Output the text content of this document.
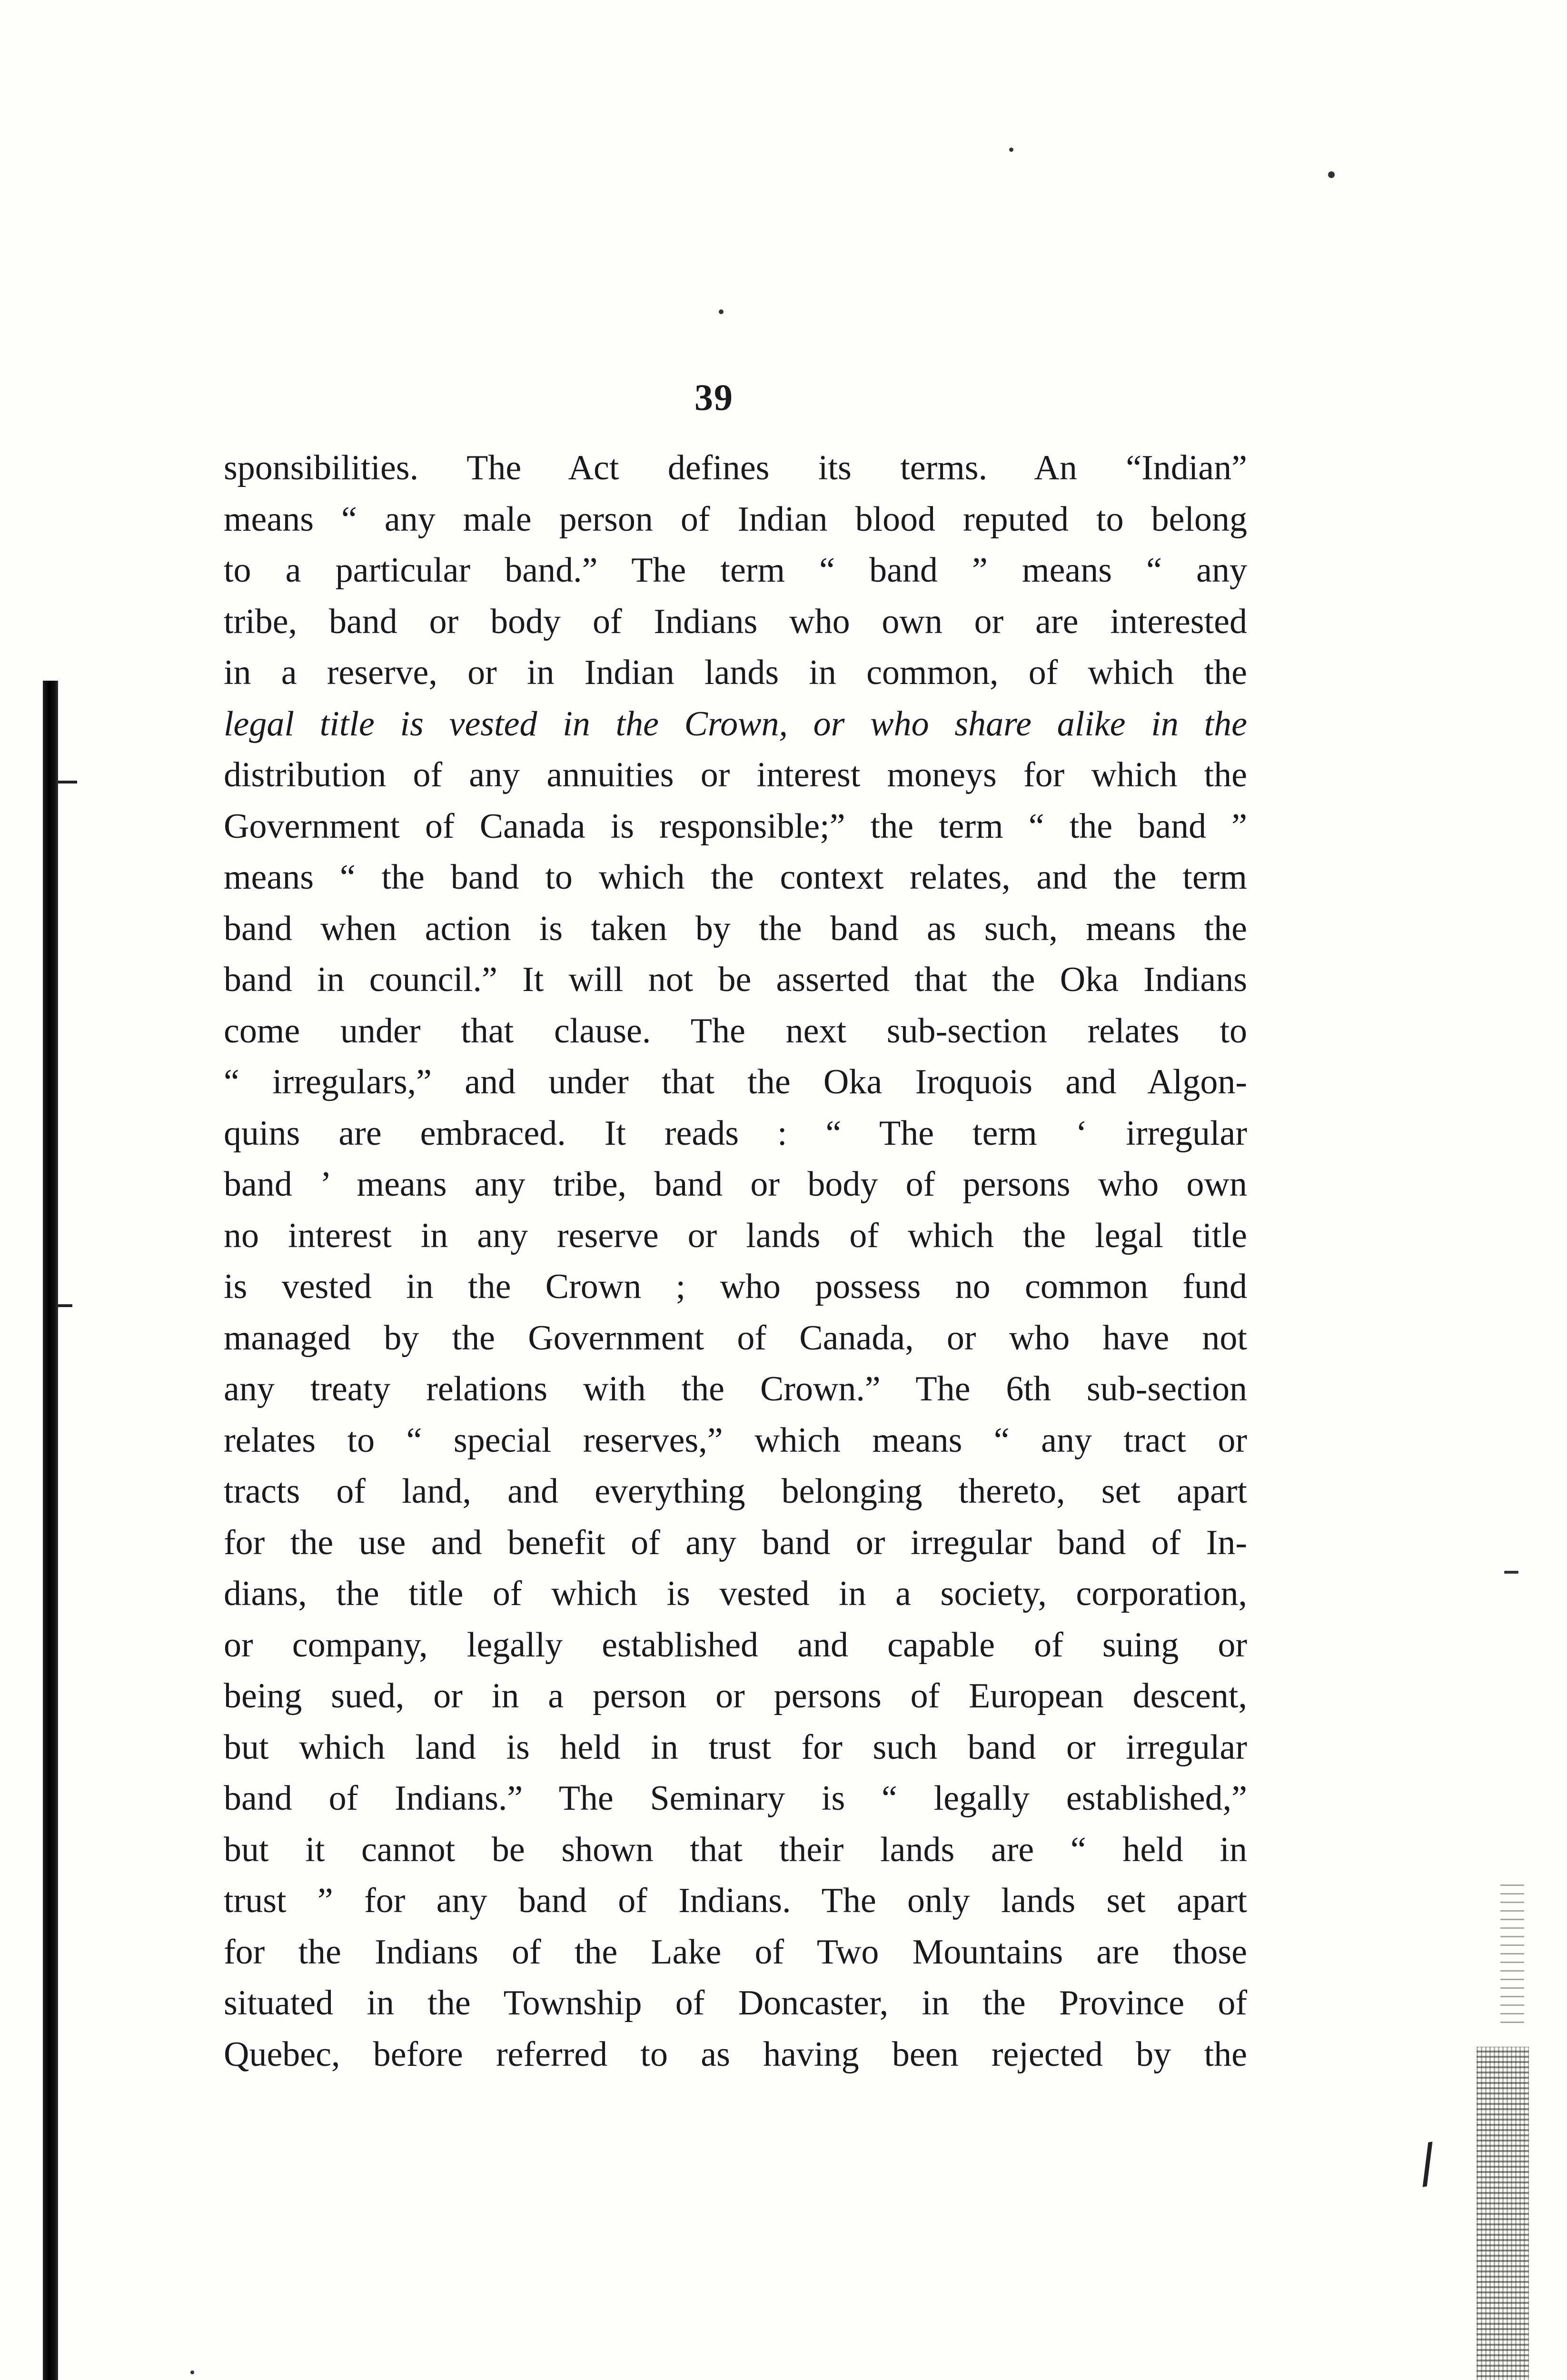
/
39
sponsibilities. The Act defines its terms. An “Indian”
means “ any male person of Indian blood reputed to belong
to a particular band.” The term “ band ” means “ any
tribe, band or body of Indians who own or are interested
in a reserve, or in Indian lands in common, of which the
legal title is vested in the Crown, or who share alike in the
distribution of any annuities or interest moneys for which the
Government of Canada is responsible;” the term “ the band ”
means “ the band to which the context relates, and the term
band when action is taken by the band as such, means the
band in council.” It will not be asserted that the Oka Indians
come under that clause. The next sub-section relates to
“ irregulars,” and under that the Oka Iroquois and Algon-
quins are embraced. It reads : “ The term ‘ irregular
band ’ means any tribe, band or body of persons who own
no interest in any reserve or lands of which the legal title
is vested in the Crown ; who possess no common fund
managed by the Government of Canada, or who have not
any treaty relations with the Crown.” The 6th sub-section
relates to “ special reserves,” which means “ any tract or
tracts of land, and everything belonging thereto, set apart
for the use and benefit of any band or irregular band of In-
dians, the title of which is vested in a society, corporation,
or company, legally established and capable of suing or
being sued, or in a person or persons of European descent,
but which land is held in trust for such band or irregular
band of Indians.” The Seminary is “ legally established,”
but it cannot be shown that their lands are “ held in
trust ” for any band of Indians. The only lands set apart
for the Indians of the Lake of Two Mountains are those
situated in the Township of Doncaster, in the Province of
Quebec, before referred to as having been rejected by the
